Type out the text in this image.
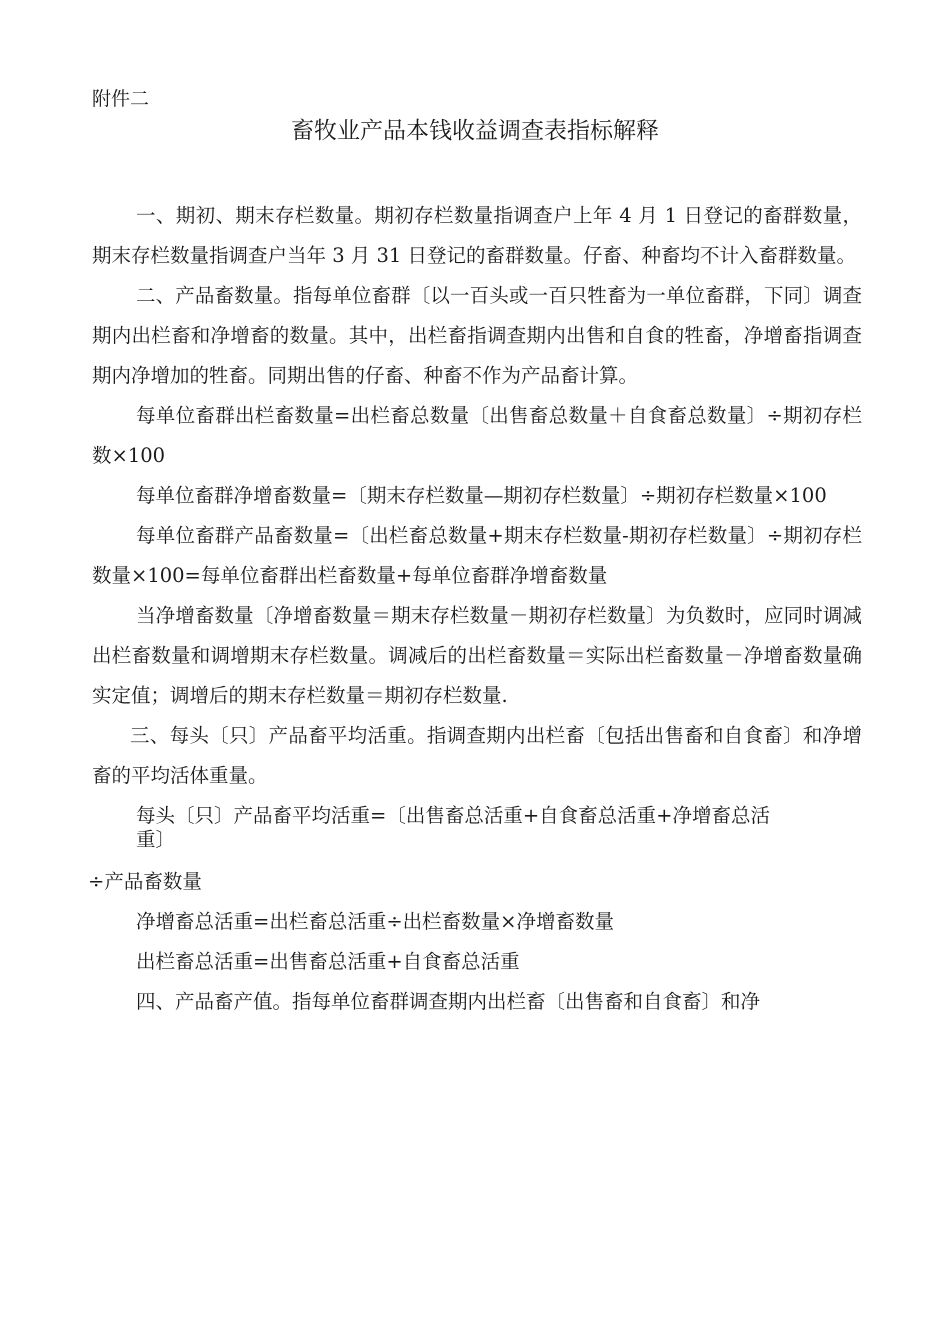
附件二
畜牧业产品本钱收益调查表指标解释

一、期初、期末存栏数量。期初存栏数量指调查户上年 4 月 1 日登记的畜群数量，期末存栏数量指调查户当年 3 月 31 日登记的畜群数量。仔畜、种畜均不计入畜群数量。

二、产品畜数量。指每单位畜群〔以一百头或一百只牲畜为一单位畜群，下同〕调查期内出栏畜和净增畜的数量。其中，出栏畜指调查期内出售和自食的牲畜，净增畜指调查期内净增加的牲畜。同期出售的仔畜、种畜不作为产品畜计算。

每单位畜群出栏畜数量=出栏畜总数量〔出售畜总数量＋自食畜总数量〕÷期初存栏数×100

每单位畜群净增畜数量=〔期末存栏数量—期初存栏数量〕÷期初存栏数量×100

每单位畜群产品畜数量=〔出栏畜总数量+期末存栏数量-期初存栏数量〕÷期初存栏数量×100=每单位畜群出栏畜数量+每单位畜群净增畜数量

当净增畜数量〔净增畜数量＝期末存栏数量－期初存栏数量〕为负数时，应同时调减出栏畜数量和调增期末存栏数量。调减后的出栏畜数量＝实际出栏畜数量－净增畜数量确实定值；调增后的期末存栏数量＝期初存栏数量.

三、每头〔只〕产品畜平均活重。指调查期内出栏畜〔包括出售畜和自食畜〕和净增畜的平均活体重量。

每头〔只〕产品畜平均活重=〔出售畜总活重+自食畜总活重+净增畜总活
重〕

÷产品畜数量

净增畜总活重=出栏畜总活重÷出栏畜数量×净增畜数量

出栏畜总活重=出售畜总活重+自食畜总活重

四、产品畜产值。指每单位畜群调查期内出栏畜〔出售畜和自食畜〕和净
